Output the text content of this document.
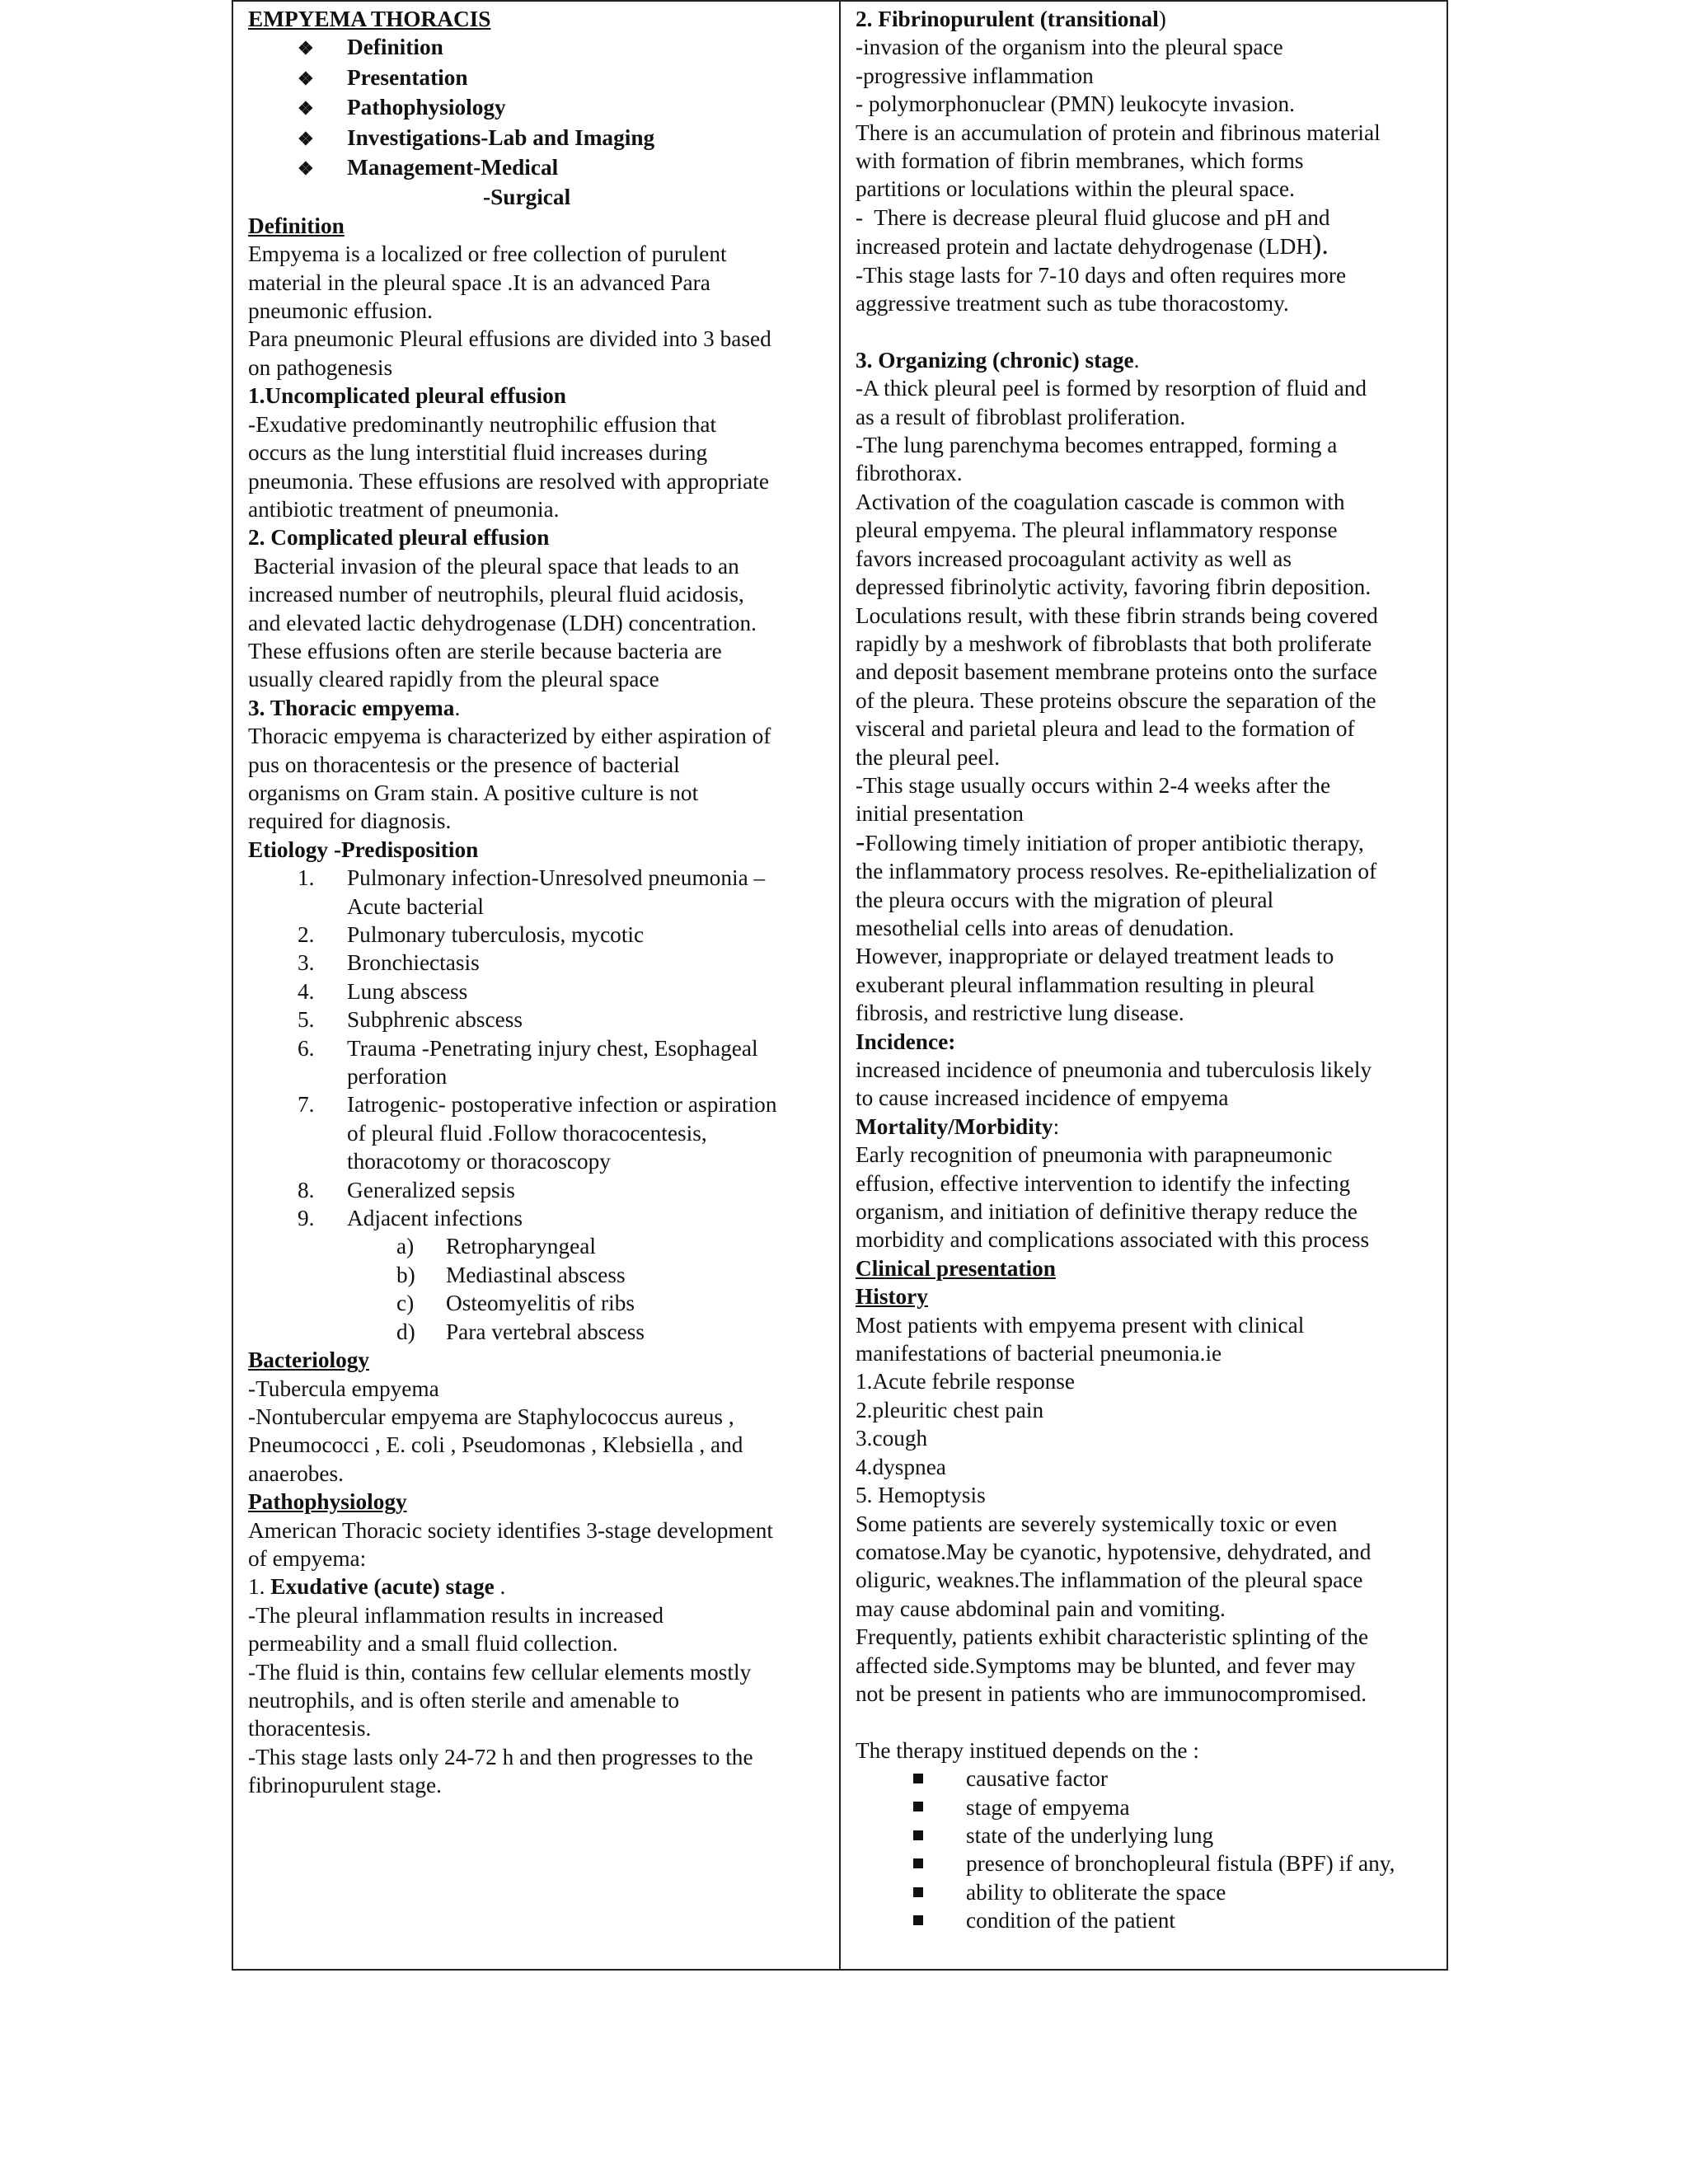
EMPYEMA THORACIS
❖ Definition
❖ Presentation
❖ Pathophysiology
❖ Investigations-Lab and Imaging
❖ Management-Medical
-Surgical
Definition
Empyema is a localized or free collection of purulent
material in the pleural space .It is an advanced Para
pneumonic effusion.
Para pneumonic Pleural effusions are divided into 3 based
on pathogenesis
1.Uncomplicated pleural effusion
-Exudative predominantly neutrophilic effusion that
occurs as the lung interstitial fluid increases during
pneumonia. These effusions are resolved with appropriate
antibiotic treatment of pneumonia.
2. Complicated pleural effusion
Bacterial invasion of the pleural space that leads to an
increased number of neutrophils, pleural fluid acidosis,
and elevated lactic dehydrogenase (LDH) concentration.
These effusions often are sterile because bacteria are
usually cleared rapidly from the pleural space
3. Thoracic empyema.
Thoracic empyema is characterized by either aspiration of
pus on thoracentesis or the presence of bacterial
organisms on Gram stain. A positive culture is not
required for diagnosis.
Etiology -Predisposition
1. Pulmonary infection-Unresolved pneumonia –
Acute bacterial
2. Pulmonary tuberculosis, mycotic
3. Bronchiectasis
4. Lung abscess
5. Subphrenic abscess
6. Trauma -Penetrating injury chest, Esophageal
perforation
7. Iatrogenic- postoperative infection or aspiration
of pleural fluid .Follow thoracocentesis,
thoracotomy or thoracoscopy
8. Generalized sepsis
9. Adjacent infections
a) Retropharyngeal
b) Mediastinal abscess
c) Osteomyelitis of ribs
d) Para vertebral abscess
Bacteriology
-Tubercula empyema
-Nontubercular empyema are Staphylococcus aureus ,
Pneumococci , E. coli , Pseudomonas , Klebsiella , and
anaerobes.
Pathophysiology
American Thoracic society identifies 3-stage development
of empyema:
1. Exudative (acute) stage .
-The pleural inflammation results in increased
permeability and a small fluid collection.
-The fluid is thin, contains few cellular elements mostly
neutrophils, and is often sterile and amenable to
thoracentesis.
-This stage lasts only 24-72 h and then progresses to the
fibrinopurulent stage.
2. Fibrinopurulent (transitional)
-invasion of the organism into the pleural space
-progressive inflammation
- polymorphonuclear (PMN) leukocyte invasion.
There is an accumulation of protein and fibrinous material
with formation of fibrin membranes, which forms
partitions or loculations within the pleural space.
-  There is decrease pleural fluid glucose and pH and
increased protein and lactate dehydrogenase (LDH).
-This stage lasts for 7-10 days and often requires more
aggressive treatment such as tube thoracostomy.
3. Organizing (chronic) stage.
-A thick pleural peel is formed by resorption of fluid and
as a result of fibroblast proliferation.
-The lung parenchyma becomes entrapped, forming a
fibrothorax.
Activation of the coagulation cascade is common with
pleural empyema. The pleural inflammatory response
favors increased procoagulant activity as well as
depressed fibrinolytic activity, favoring fibrin deposition.
Loculations result, with these fibrin strands being covered
rapidly by a meshwork of fibroblasts that both proliferate
and deposit basement membrane proteins onto the surface
of the pleura. These proteins obscure the separation of the
visceral and parietal pleura and lead to the formation of
the pleural peel.
-This stage usually occurs within 2-4 weeks after the
initial presentation
-Following timely initiation of proper antibiotic therapy,
the inflammatory process resolves. Re-epithelialization of
the pleura occurs with the migration of pleural
mesothelial cells into areas of denudation.
However, inappropriate or delayed treatment leads to
exuberant pleural inflammation resulting in pleural
fibrosis, and restrictive lung disease.
Incidence:
increased incidence of pneumonia and tuberculosis likely
to cause increased incidence of empyema
Mortality/Morbidity:
Early recognition of pneumonia with parapneumonic
effusion, effective intervention to identify the infecting
organism, and initiation of definitive therapy reduce the
morbidity and complications associated with this process
Clinical presentation
History
Most patients with empyema present with clinical
manifestations of bacterial pneumonia.ie
1.Acute febrile response
2.pleuritic chest pain
3.cough
4.dyspnea
5. Hemoptysis
Some patients are severely systemically toxic or even
comatose.May be cyanotic, hypotensive, dehydrated, and
oliguric, weaknes.The inflammation of the pleural space
may cause abdominal pain and vomiting.
Frequently, patients exhibit characteristic splinting of the
affected side.Symptoms may be blunted, and fever may
not be present in patients who are immunocompromised.
The therapy institued depends on the :
causative factor
stage of empyema
state of the underlying lung
presence of bronchopleural fistula (BPF) if any,
ability to obliterate the space
condition of the patient
